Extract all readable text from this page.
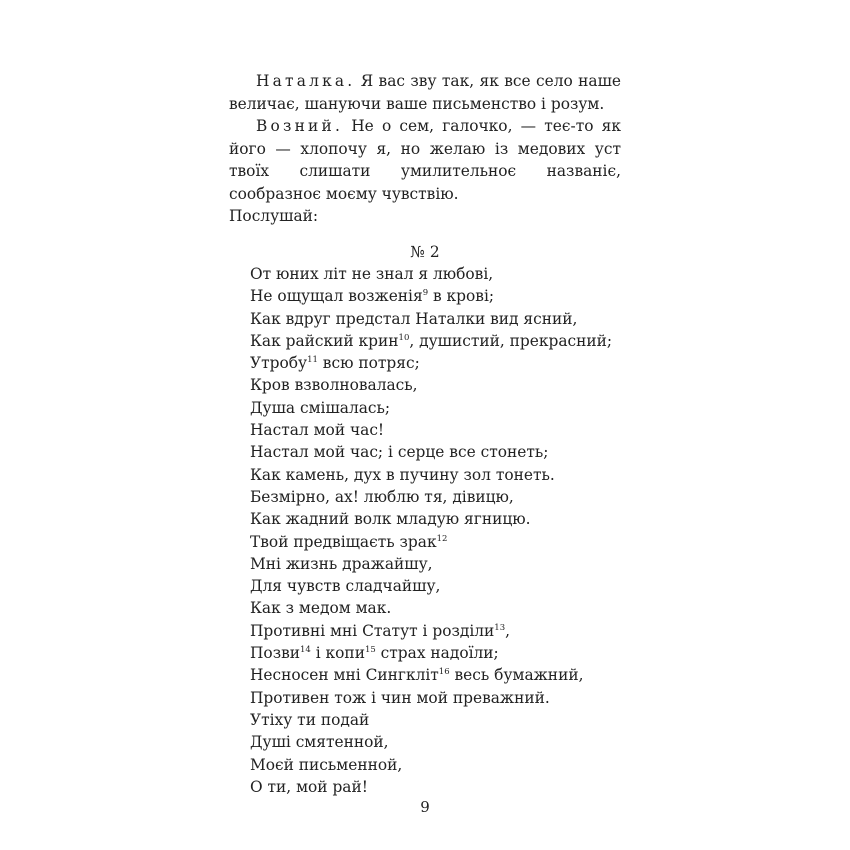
Наталка. Я вас зву так, як все село наше величає, шануючи ваше письменство і розум.

Возний. Не о сем, галочко, — теє-то як його — хлопочу я, но желаю із медових уст твоїх слишати умилительноє названіє, сообразноє моєму чувствію.

Послушай:

№ 2
От юних літ не знал я любові,
Не ощущал возженія$^9$ в крові;
Как вдруг предстал Наталки вид ясний,
Как райский крин$^{10}$, душистий, прекрасний;
Утробу$^{11}$ всю потряс;
Кров взволновалась,
Душа смішалась;
Настал мой час!
Настал мой час; і серце все стонеть;
Как камень, дух в пучину зол тонеть.
Безмірно, ах! люблю тя, дівицю,
Как жадний волк младую ягницю.
Твой предвіщаєть зрак$^{12}$
Мні жизнь дражайшу,
Для чувств сладчайшу,
Как з медом мак.
Противні мні Статут і розділи$^{13}$,
Позви$^{14}$ і копи$^{15}$ страх надоїли;
Несносен мні Сингкліт$^{16}$ весь бумажний,
Противен тож і чин мой преважний.
Утіху ти подай
Душі смятенной,
Моєй письменной,
О ти, мой рай!
9
